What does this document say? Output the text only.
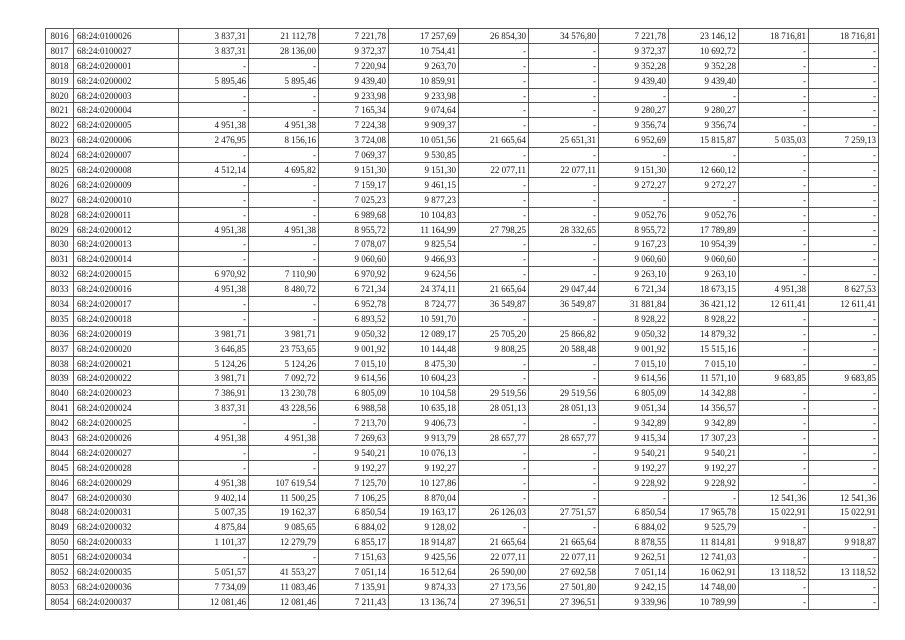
8016	68:24:0100026	3 837,31	21 112,78	7 221,78	17 257,69	26 854,30	34 576,80	7 221,78	23 146,12	18 716,81	18 716,81
8017	68:24:0100027	3 837,31	28 136,00	9 372,37	10 754,41	-	-	9 372,37	10 692,72	-	-
8018	68:24:0200001	-	-	7 220,94	9 263,70	-	-	9 352,28	9 352,28	-	-
8019	68:24:0200002	5 895,46	5 895,46	9 439,40	10 859,91	-	-	9 439,40	9 439,40	-	-
8020	68:24:0200003	-	-	9 233,98	9 233,98	-	-	-	-	-	-
8021	68:24:0200004	-	-	7 165,34	9 074,64	-	-	9 280,27	9 280,27	-	-
8022	68:24:0200005	4 951,38	4 951,38	7 224,38	9 909,37	-	-	9 356,74	9 356,74	-	-
8023	68:24:0200006	2 476,95	8 156,16	3 724,08	10 051,56	21 665,64	25 651,31	6 952,69	15 815,87	5 035,03	7 259,13
8024	68:24:0200007	-	-	7 069,37	9 530,85	-	-	-	-	-	-
8025	68:24:0200008	4 512,14	4 695,82	9 151,30	9 151,30	22 077,11	22 077,11	9 151,30	12 660,12	-	-
8026	68:24:0200009	-	-	7 159,17	9 461,15	-	-	9 272,27	9 272,27	-	-
8027	68:24:0200010	-	-	7 025,23	9 877,23	-	-	-	-	-	-
8028	68:24:0200011	-	-	6 989,68	10 104,83	-	-	9 052,76	9 052,76	-	-
8029	68:24:0200012	4 951,38	4 951,38	8 955,72	11 164,99	27 798,25	28 332,65	8 955,72	17 789,89	-	-
8030	68:24:0200013	-	-	7 078,07	9 825,54	-	-	9 167,23	10 954,39	-	-
8031	68:24:0200014	-	-	9 060,60	9 466,93	-	-	9 060,60	9 060,60	-	-
8032	68:24:0200015	6 970,92	7 110,90	6 970,92	9 624,56	-	-	9 263,10	9 263,10	-	-
8033	68:24:0200016	4 951,38	8 480,72	6 721,34	24 374,11	21 665,64	29 047,44	6 721,34	18 673,15	4 951,38	8 627,53
8034	68:24:0200017	-	-	6 952,78	8 724,77	36 549,87	36 549,87	31 881,84	36 421,12	12 611,41	12 611,41
8035	68:24:0200018	-	-	6 893,52	10 591,70	-	-	8 928,22	8 928,22	-	-
8036	68:24:0200019	3 981,71	3 981,71	9 050,32	12 089,17	25 705,20	25 866,82	9 050,32	14 879,32	-	-
8037	68:24:0200020	3 646,85	23 753,65	9 001,92	10 144,48	9 808,25	20 588,48	9 001,92	15 515,16	-	-
8038	68:24:0200021	5 124,26	5 124,26	7 015,10	8 475,30	-	-	7 015,10	7 015,10	-	-
8039	68:24:0200022	3 981,71	7 092,72	9 614,56	10 604,23	-	-	9 614,56	11 571,10	9 683,85	9 683,85
8040	68:24:0200023	7 386,91	13 230,78	6 805,09	10 104,58	29 519,56	29 519,56	6 805,09	14 342,88	-	-
8041	68:24:0200024	3 837,31	43 228,56	6 988,58	10 635,18	28 051,13	28 051,13	9 051,34	14 356,57	-	-
8042	68:24:0200025	-	-	7 213,70	9 406,73	-	-	9 342,89	9 342,89	-	-
8043	68:24:0200026	4 951,38	4 951,38	7 269,63	9 913,79	28 657,77	28 657,77	9 415,34	17 307,23	-	-
8044	68:24:0200027	-	-	9 540,21	10 076,13	-	-	9 540,21	9 540,21	-	-
8045	68:24:0200028	-	-	9 192,27	9 192,27	-	-	9 192,27	9 192,27	-	-
8046	68:24:0200029	4 951,38	107 619,54	7 125,70	10 127,86	-	-	9 228,92	9 228,92	-	-
8047	68:24:0200030	9 402,14	11 500,25	7 106,25	8 870,04	-	-	-	-	12 541,36	12 541,36
8048	68:24:0200031	5 007,35	19 162,37	6 850,54	19 163,17	26 126,03	27 751,57	6 850,54	17 965,78	15 022,91	15 022,91
8049	68:24:0200032	4 875,84	9 085,65	6 884,02	9 128,02	-	-	6 884,02	9 525,79	-	-
8050	68:24:0200033	1 101,37	12 279,79	6 855,17	18 914,87	21 665,64	21 665,64	8 878,55	11 814,81	9 918,87	9 918,87
8051	68:24:0200034	-	-	7 151,63	9 425,56	22 077,11	22 077,11	9 262,51	12 741,03	-	-
8052	68:24:0200035	5 051,57	41 553,27	7 051,14	16 512,64	26 590,00	27 692,58	7 051,14	16 062,91	13 118,52	13 118,52
8053	68:24:0200036	7 734,09	11 083,46	7 135,91	9 874,33	27 173,56	27 501,80	9 242,15	14 748,00	-	-
8054	68:24:0200037	12 081,46	12 081,46	7 211,43	13 136,74	27 396,51	27 396,51	9 339,96	10 789,99	-	-
